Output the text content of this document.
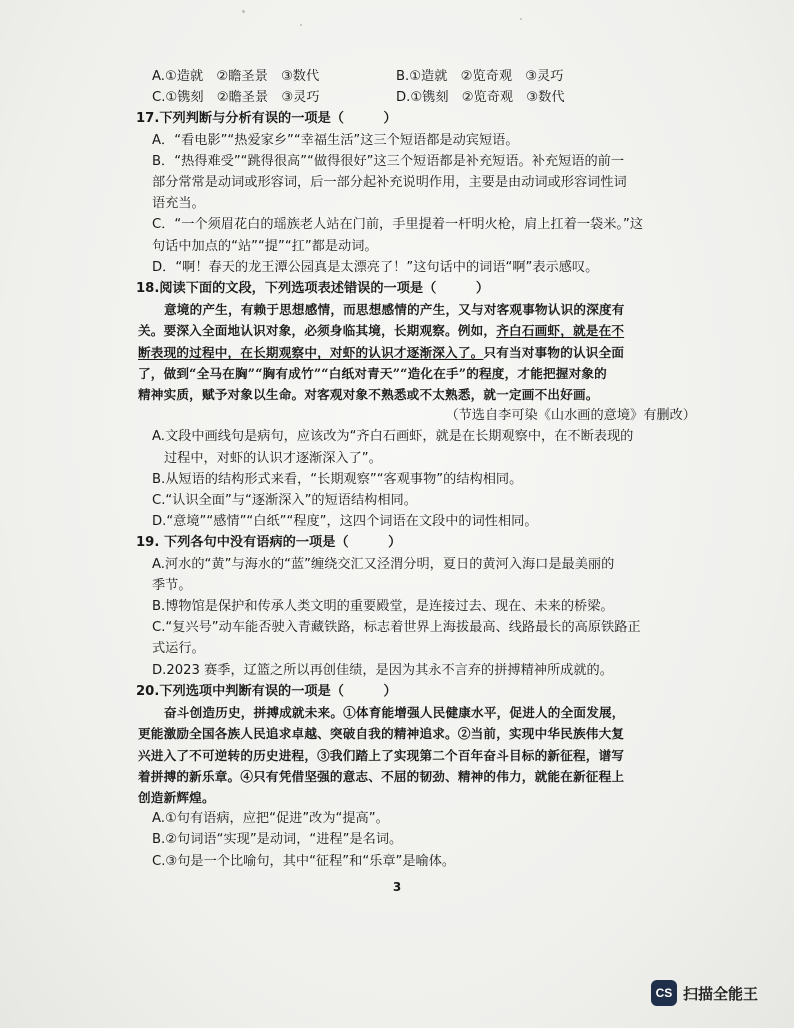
A.①造就　②瞻圣景　③数代	B.①造就　②览奇观　③灵巧
C.①镌刻　②瞻圣景　③灵巧	D.①镌刻　②览奇观　③数代
17.下列判断与分析有误的一项是（　　　）
A．“看电影”“热爱家乡”“幸福生活”这三个短语都是动宾短语。
B．“热得难受”“跳得很高”“做得很好”这三个短语都是补充短语。补充短语的前一
部分常常是动词或形容词，后一部分起补充说明作用，主要是由动词或形容词性词
语充当。
C．“一个须眉花白的瑶族老人站在门前，手里提着一杆明火枪，肩上扛着一袋米。”这
句话中加点的“站”“提”“扛”都是动词。
D．“啊！春天的龙王潭公园真是太漂亮了！”这句话中的词语“啊”表示感叹。
18.阅读下面的文段，下列选项表述错误的一项是（　　　）
意境的产生，有赖于思想感情，而思想感情的产生，又与对客观事物认识的深度有
关。要深入全面地认识对象，必须身临其境，长期观察。例如，齐白石画虾，就是在不
断表现的过程中，在长期观察中，对虾的认识才逐渐深入了。只有当对事物的认识全面
了，做到“全马在胸”“胸有成竹”“白纸对青天”“造化在手”的程度，才能把握对象的
精神实质，赋予对象以生命。对客观对象不熟悉或不太熟悉，就一定画不出好画。
（节选自李可染《山水画的意境》有删改）
A.文段中画线句是病句，应该改为“齐白石画虾，就是在长期观察中，在不断表现的
过程中，对虾的认识才逐渐深入了”。
B.从短语的结构形式来看，“长期观察”“客观事物”的结构相同。
C.“认识全面”与“逐渐深入”的短语结构相同。
D.“意境”“感情”“白纸”“程度”，这四个词语在文段中的词性相同。
19. 下列各句中没有语病的一项是（　　　）
A.河水的“黄”与海水的“蓝”缠绕交汇又泾渭分明，夏日的黄河入海口是最美丽的
季节。
B.博物馆是保护和传承人类文明的重要殿堂，是连接过去、现在、未来的桥梁。
C.“复兴号”动车能否驶入青藏铁路，标志着世界上海拔最高、线路最长的高原铁路正
式运行。
D.2023 赛季，辽篮之所以再创佳绩，是因为其永不言弃的拼搏精神所成就的。
20.下列选项中判断有误的一项是（　　　）
奋斗创造历史，拼搏成就未来。①体育能增强人民健康水平，促进人的全面发展，
更能激励全国各族人民追求卓越、突破自我的精神追求。②当前，实现中华民族伟大复
兴进入了不可逆转的历史进程，③我们踏上了实现第二个百年奋斗目标的新征程，谱写
着拼搏的新乐章。④只有凭借坚强的意志、不屈的韧劲、精神的伟力，就能在新征程上
创造新辉煌。
A.①句有语病，应把“促进”改为“提高”。
B.②句词语“实现”是动词，“进程”是名词。
C.③句是一个比喻句，其中“征程”和“乐章”是喻体。
3
CS 扫描全能王
